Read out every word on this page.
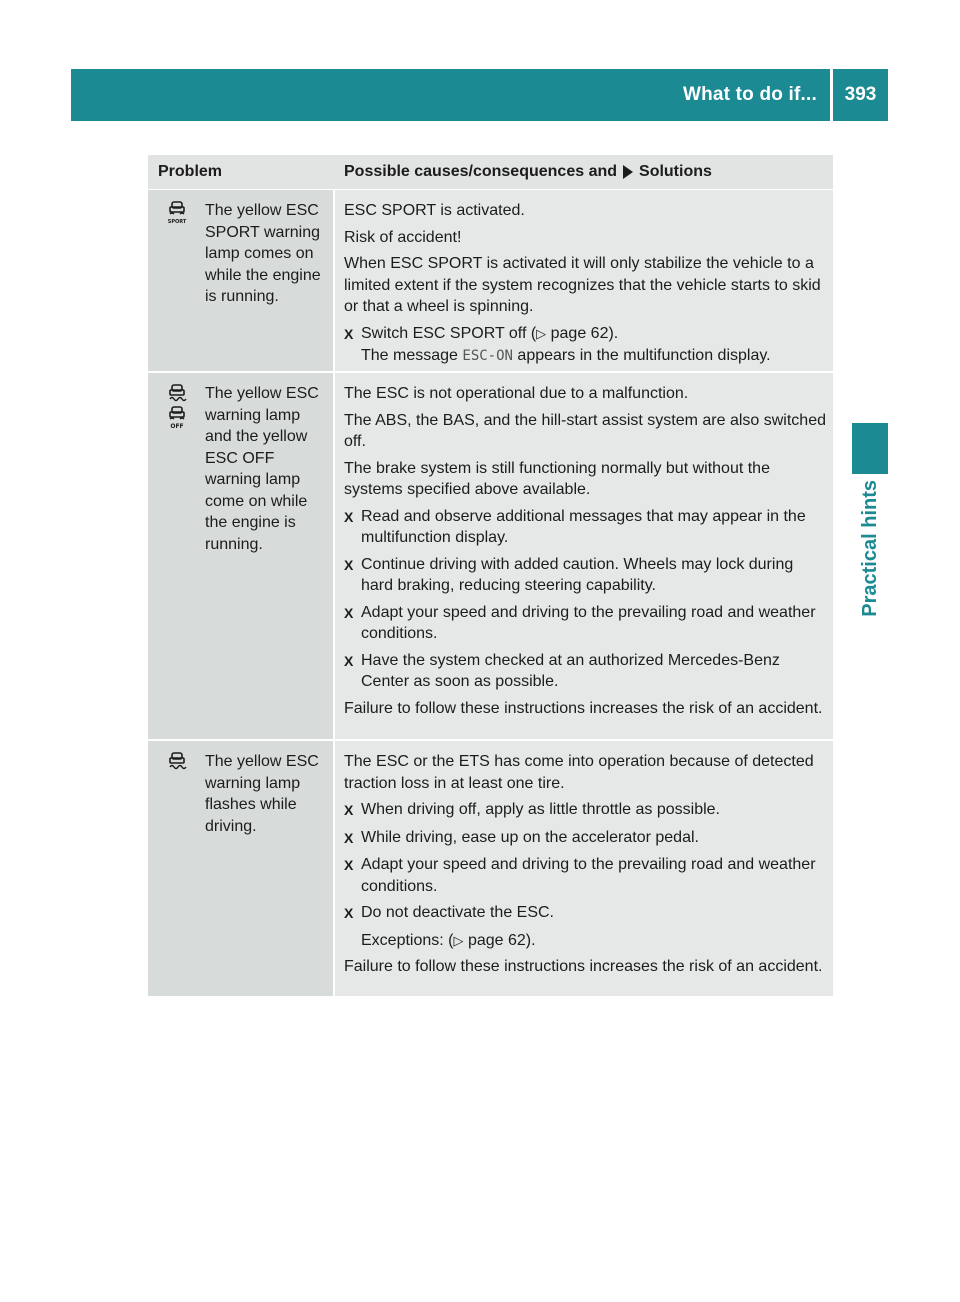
What to do if...	393
Practical hints
Problem	Possible causes/consequences and Solutions
SPORT
The yellow ESC SPORT warning lamp comes on while the engine is running.

ESC SPORT is activated.

Risk of accident!

When ESC SPORT is activated it will only stabilize the vehicle to a limited extent if the system recognizes that the vehicle starts to skid or that a wheel is spinning.

X Switch ESC SPORT off (▷ page 62).
The message ESC-ON appears in the multifunction display.
OFF
The yellow ESC warning lamp and the yellow ESC OFF warning lamp come on while the engine is running.

The ESC is not operational due to a malfunction.

The ABS, the BAS, and the hill-start assist system are also switched off.

The brake system is still functioning normally but without the systems specified above available.

X Read and observe additional messages that may appear in the multifunction display.
X Continue driving with added caution. Wheels may lock during hard braking, reducing steering capability.
X Adapt your speed and driving to the prevailing road and weather conditions.
X Have the system checked at an authorized Mercedes-Benz Center as soon as possible.

Failure to follow these instructions increases the risk of an accident.

The yellow ESC warning lamp flashes while driving.

The ESC or the ETS has come into operation because of detected traction loss in at least one tire.

X When driving off, apply as little throttle as possible.
X While driving, ease up on the accelerator pedal.
X Adapt your speed and driving to the prevailing road and weather conditions.
X Do not deactivate the ESC.
Exceptions: (▷ page 62).

Failure to follow these instructions increases the risk of an accident.
